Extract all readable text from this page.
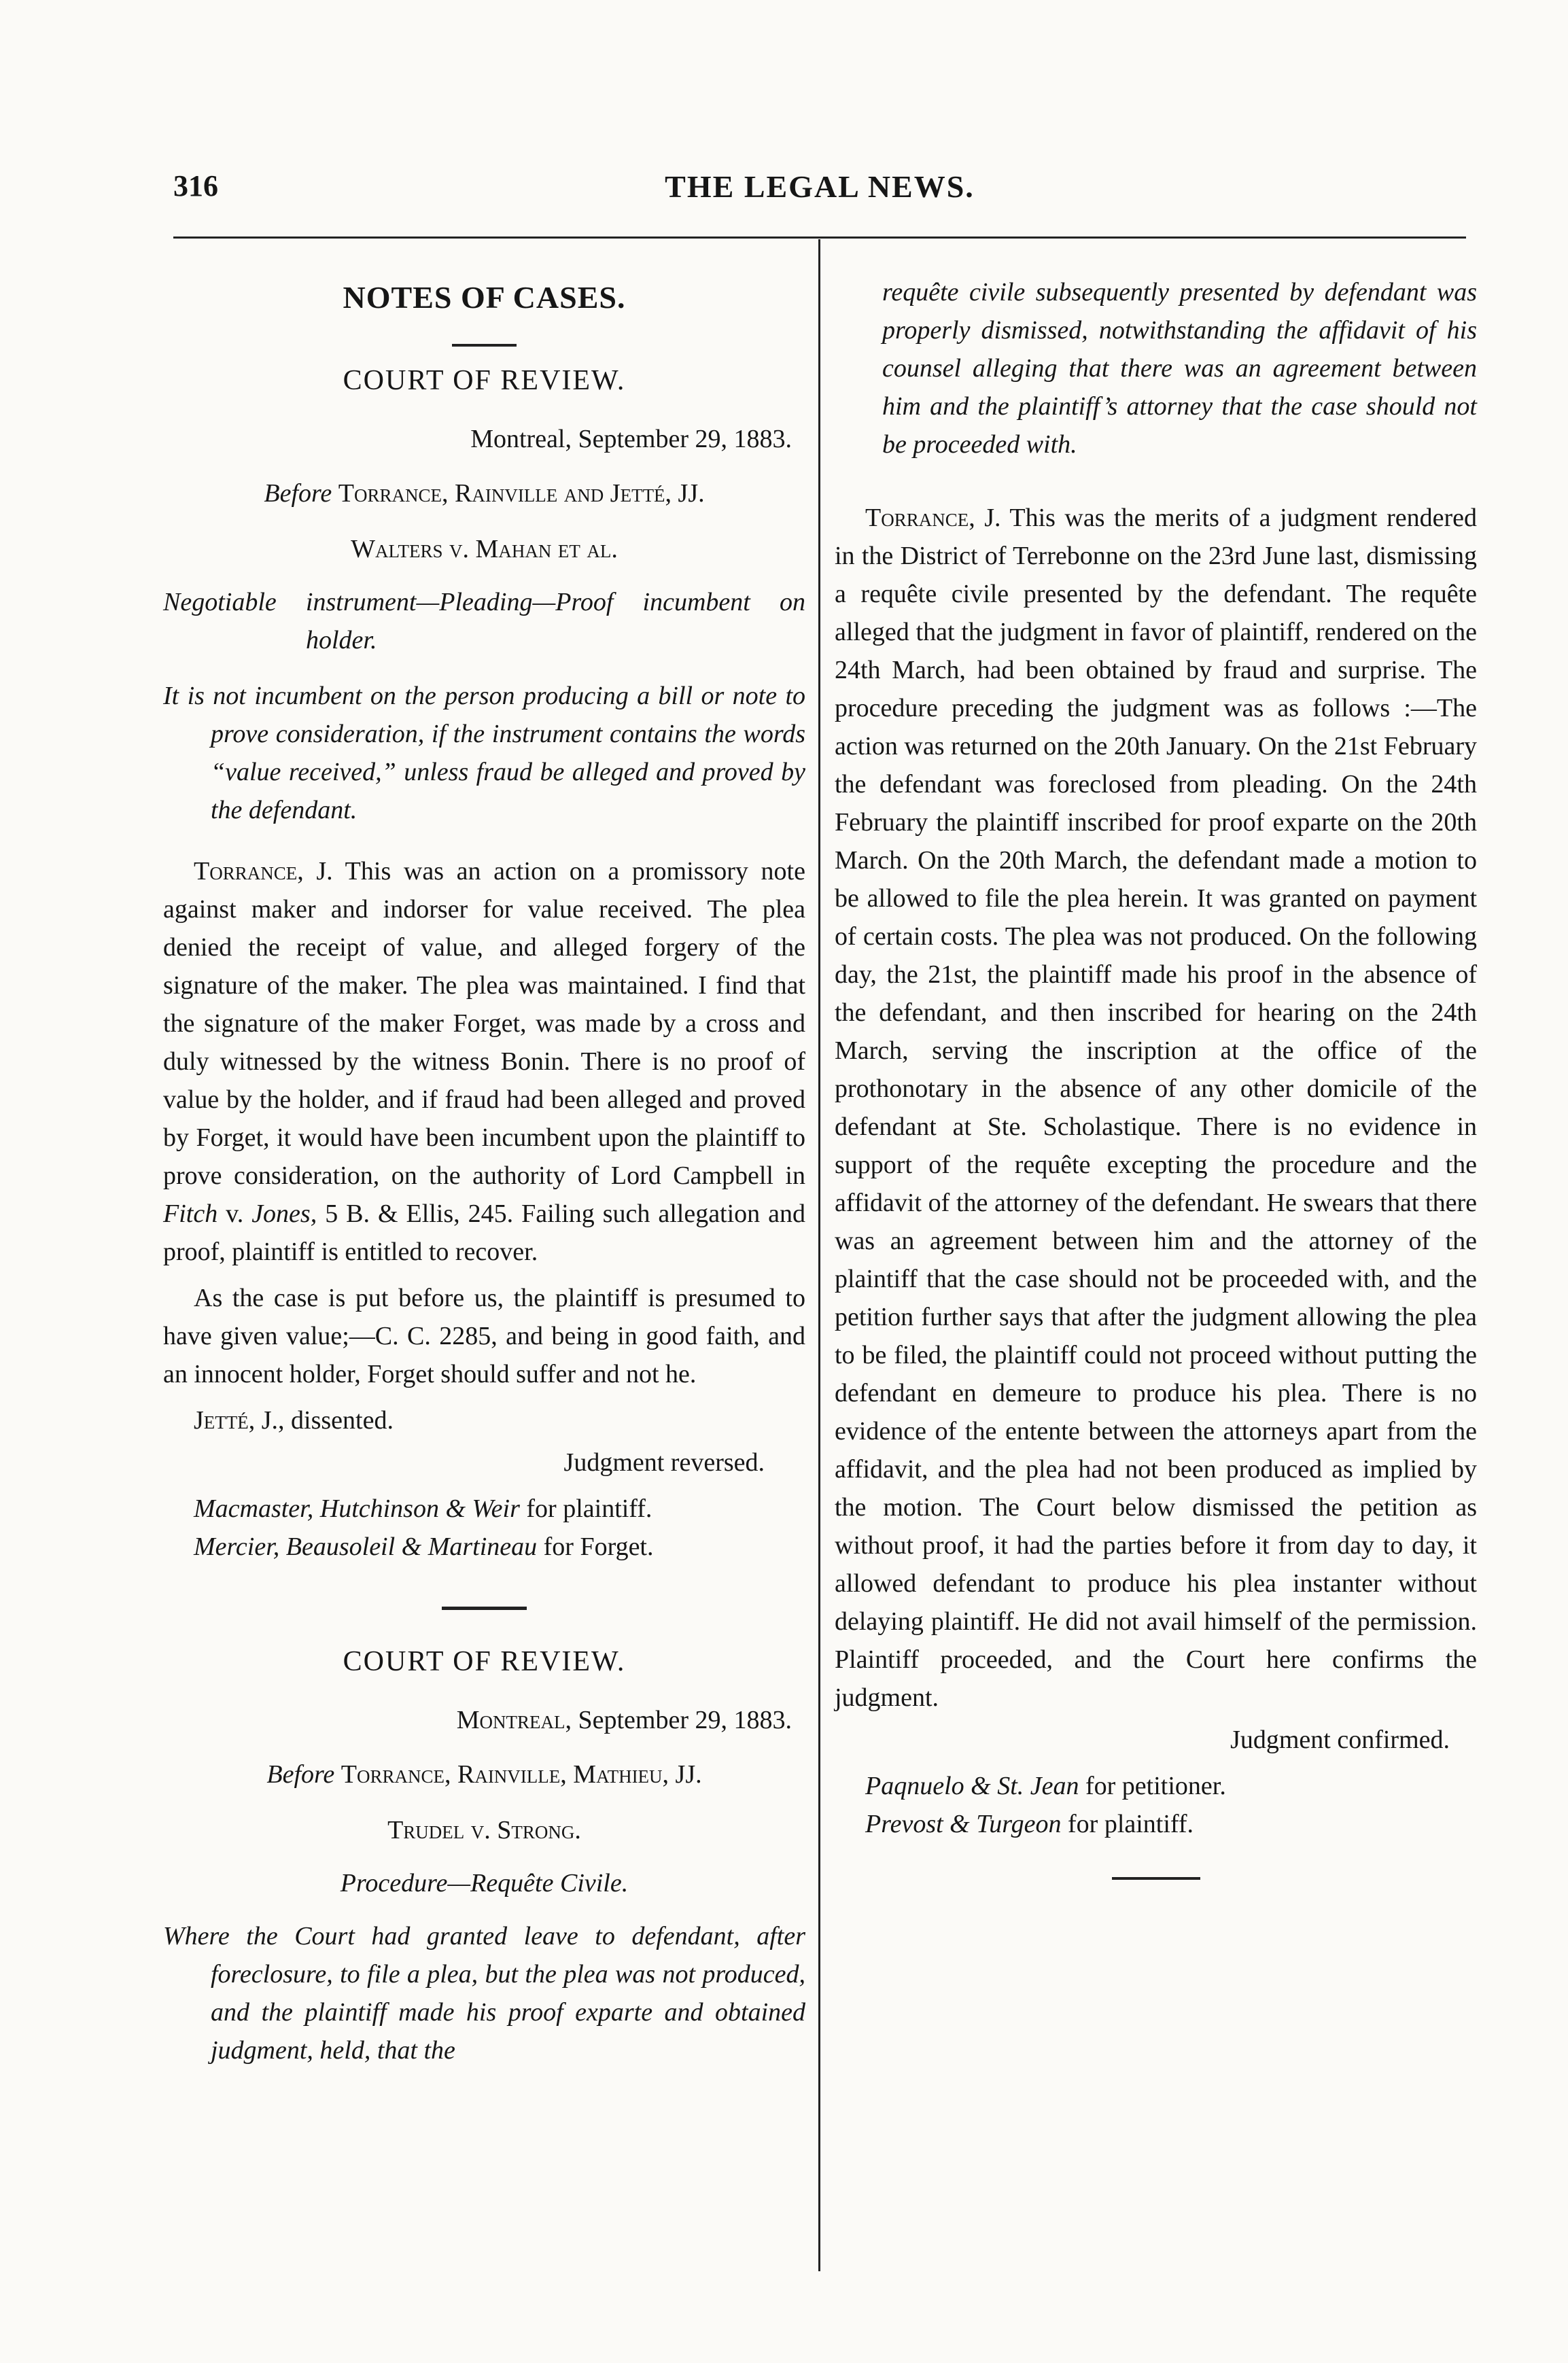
316	THE LEGAL NEWS.

NOTES OF CASES.

COURT OF REVIEW.

Montreal, September 29, 1883.

Before Torrance, Rainville and Jetté, JJ.

Walters v. Mahan et al.

Negotiable instrument—Pleading—Proof incumbent on holder.

It is not incumbent on the person producing a bill or note to prove consideration, if the instrument contains the words “value received,” unless fraud be alleged and proved by the defendant.

Torrance, J. This was an action on a promissory note against maker and indorser for value received. The plea denied the receipt of value, and alleged forgery of the signature of the maker. The plea was maintained. I find that the signature of the maker Forget, was made by a cross and duly witnessed by the witness Bonin. There is no proof of value by the holder, and if fraud had been alleged and proved by Forget, it would have been incumbent upon the plaintiff to prove consideration, on the authority of Lord Campbell in Fitch v. Jones, 5 B. & Ellis, 245. Failing such allegation and proof, plaintiff is entitled to recover.

As the case is put before us, the plaintiff is presumed to have given value;—C. C. 2285, and being in good faith, and an innocent holder, Forget should suffer and not he.

Jetté, J., dissented.

Judgment reversed.

Macmaster, Hutchinson & Weir for plaintiff.

Mercier, Beausoleil & Martineau for Forget.

COURT OF REVIEW.

Montreal, September 29, 1883.

Before Torrance, Rainville, Mathieu, JJ.

Trudel v. Strong.

Procedure—Requête Civile.

Where the Court had granted leave to defendant, after foreclosure, to file a plea, but the plea was not produced, and the plaintiff made his proof exparte and obtained judgment, held, that the

requête civile subsequently presented by defendant was properly dismissed, notwithstanding the affidavit of his counsel alleging that there was an agreement between him and the plaintiff’s attorney that the case should not be proceeded with.

Torrance, J. This was the merits of a judgment rendered in the District of Terrebonne on the 23rd June last, dismissing a requête civile presented by the defendant. The requête alleged that the judgment in favor of plaintiff, rendered on the 24th March, had been obtained by fraud and surprise. The procedure preceding the judgment was as follows :—The action was returned on the 20th January. On the 21st February the defendant was foreclosed from pleading. On the 24th February the plaintiff inscribed for proof exparte on the 20th March. On the 20th March, the defendant made a motion to be allowed to file the plea herein. It was granted on payment of certain costs. The plea was not produced. On the following day, the 21st, the plaintiff made his proof in the absence of the defendant, and then inscribed for hearing on the 24th March, serving the inscription at the office of the prothonotary in the absence of any other domicile of the defendant at Ste. Scholastique. There is no evidence in support of the requête excepting the procedure and the affidavit of the attorney of the defendant. He swears that there was an agreement between him and the attorney of the plaintiff that the case should not be proceeded with, and the petition further says that after the judgment allowing the plea to be filed, the plaintiff could not proceed without putting the defendant en demeure to produce his plea. There is no evidence of the entente between the attorneys apart from the affidavit, and the plea had not been produced as implied by the motion. The Court below dismissed the petition as without proof, it had the parties before it from day to day, it allowed defendant to produce his plea instanter without delaying plaintiff. He did not avail himself of the permission. Plaintiff proceeded, and the Court here confirms the judgment.

Judgment confirmed.

Paqnuelo & St. Jean for petitioner.

Prevost & Turgeon for plaintiff.
